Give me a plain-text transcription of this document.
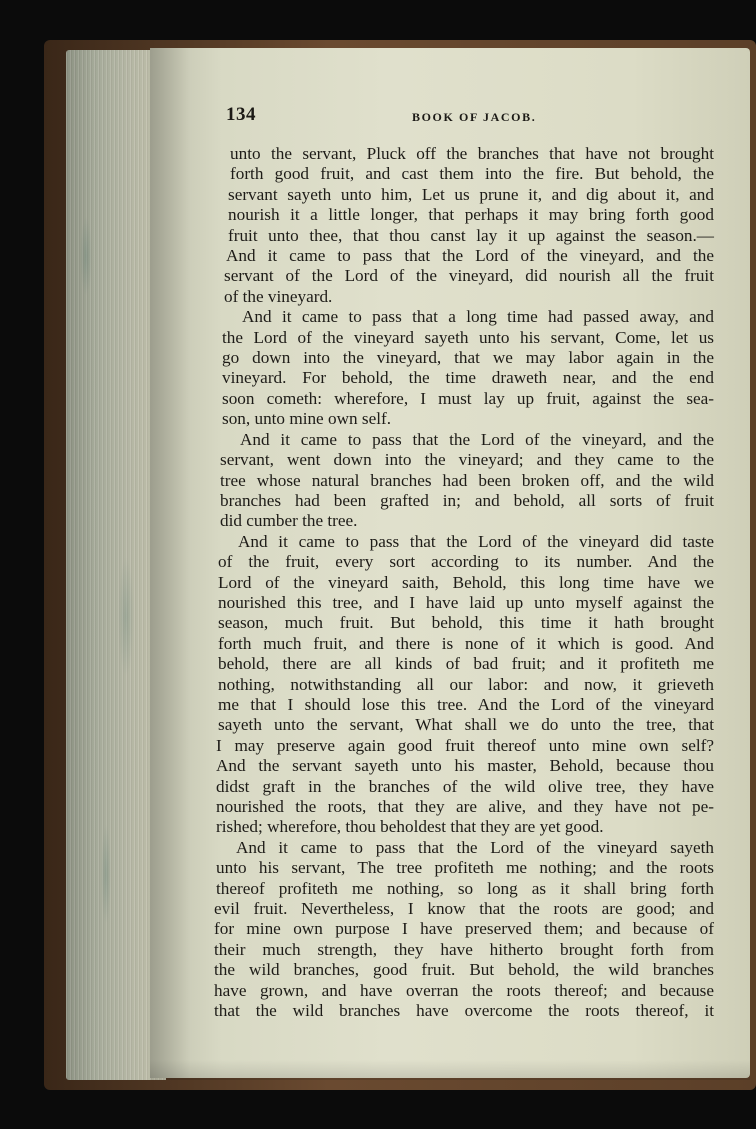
134	BOOK OF JACOB.
unto the servant, Pluck off the branches that have not brought
forth good fruit, and cast them into the fire. But behold, the
servant sayeth unto him, Let us prune it, and dig about it, and
nourish it a little longer, that perhaps it may bring forth good
fruit unto thee, that thou canst lay it up against the season.—
And it came to pass that the Lord of the vineyard, and the
servant of the Lord of the vineyard, did nourish all the fruit
of the vineyard.
And it came to pass that a long time had passed away, and
the Lord of the vineyard sayeth unto his servant, Come, let us
go down into the vineyard, that we may labor again in the
vineyard. For behold, the time draweth near, and the end
soon cometh: wherefore, I must lay up fruit, against the sea-
son, unto mine own self.
And it came to pass that the Lord of the vineyard, and the
servant, went down into the vineyard; and they came to the
tree whose natural branches had been broken off, and the wild
branches had been grafted in; and behold, all sorts of fruit
did cumber the tree.
And it came to pass that the Lord of the vineyard did taste
of the fruit, every sort according to its number. And the
Lord of the vineyard saith, Behold, this long time have we
nourished this tree, and I have laid up unto myself against the
season, much fruit. But behold, this time it hath brought
forth much fruit, and there is none of it which is good. And
behold, there are all kinds of bad fruit; and it profiteth me
nothing, notwithstanding all our labor: and now, it grieveth
me that I should lose this tree. And the Lord of the vineyard
sayeth unto the servant, What shall we do unto the tree, that
I may preserve again good fruit thereof unto mine own self?
And the servant sayeth unto his master, Behold, because thou
didst graft in the branches of the wild olive tree, they have
nourished the roots, that they are alive, and they have not pe-
rished; wherefore, thou beholdest that they are yet good.
And it came to pass that the Lord of the vineyard sayeth
unto his servant, The tree profiteth me nothing; and the roots
thereof profiteth me nothing, so long as it shall bring forth
evil fruit. Nevertheless, I know that the roots are good; and
for mine own purpose I have preserved them; and because of
their much strength, they have hitherto brought forth from
the wild branches, good fruit. But behold, the wild branches
have grown, and have overran the roots thereof; and because
that the wild branches have overcome the roots thereof, it
